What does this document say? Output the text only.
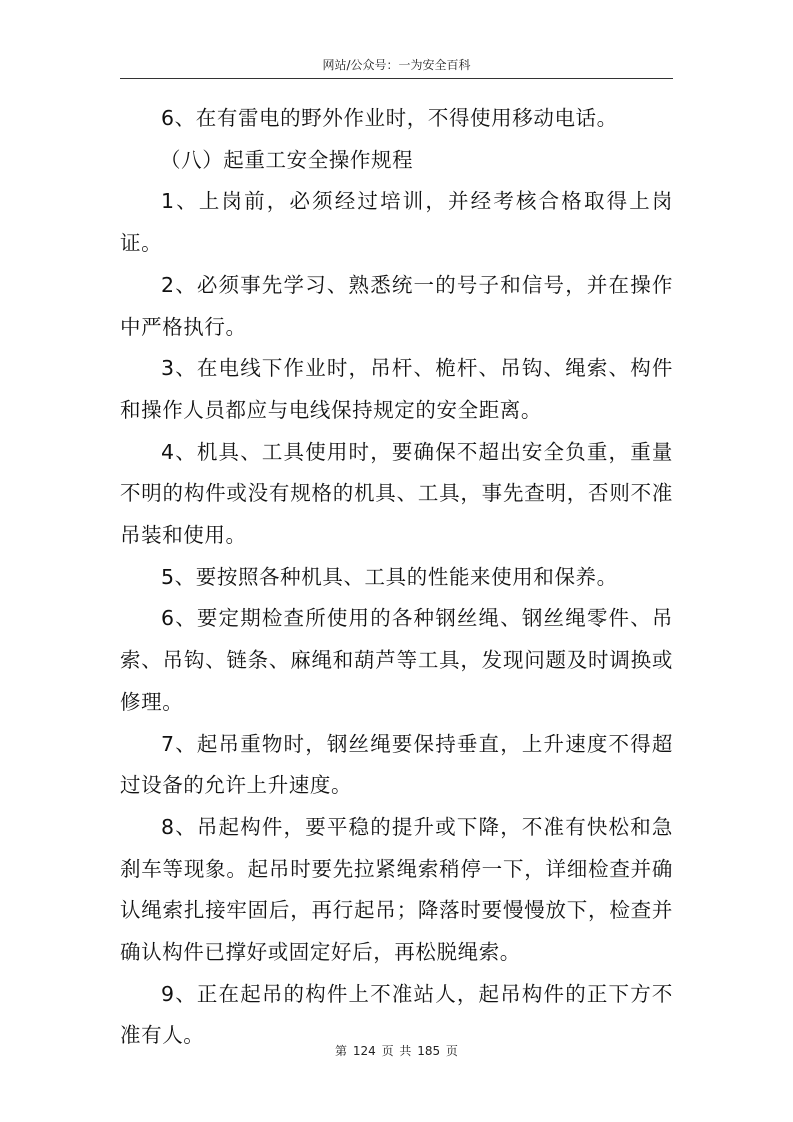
网站/公众号：一为安全百科

6、在有雷电的野外作业时，不得使用移动电话。

（八）起重工安全操作规程

1、上岗前，必须经过培训，并经考核合格取得上岗证。

2、必须事先学习、熟悉统一的号子和信号，并在操作中严格执行。

3、在电线下作业时，吊杆、桅杆、吊钩、绳索、构件和操作人员都应与电线保持规定的安全距离。

4、机具、工具使用时，要确保不超出安全负重，重量不明的构件或没有规格的机具、工具，事先查明，否则不准吊装和使用。

5、要按照各种机具、工具的性能来使用和保养。

6、要定期检查所使用的各种钢丝绳、钢丝绳零件、吊索、吊钩、链条、麻绳和葫芦等工具，发现问题及时调换或修理。

7、起吊重物时，钢丝绳要保持垂直，上升速度不得超过设备的允许上升速度。

8、吊起构件，要平稳的提升或下降，不准有快松和急刹车等现象。起吊时要先拉紧绳索稍停一下，详细检查并确认绳索扎接牢固后，再行起吊；降落时要慢慢放下，检查并确认构件已撑好或固定好后，再松脱绳索。

9、正在起吊的构件上不准站人，起吊构件的正下方不准有人。

第 124 页 共 185 页
